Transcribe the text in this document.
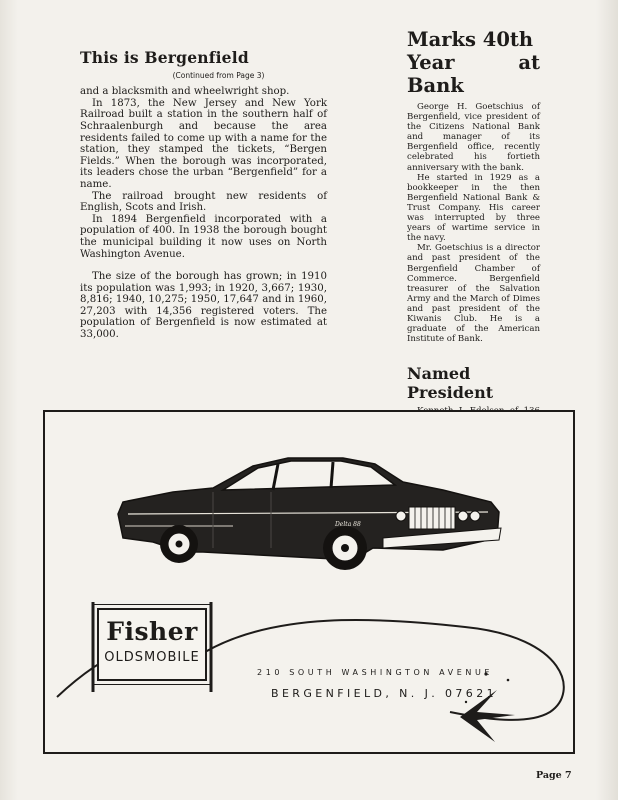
This is Bergenfield
(Continued from Page 3)

and a blacksmith and wheelwright shop.

In 1873, the New Jersey and New York Railroad built a station in the southern half of Schraalenburgh and because the area residents failed to come up with a name for the station, they stamped the tickets, “Bergen Fields.” When the borough was incorporated, its leaders chose the urban “Bergenfield” for a name.

The railroad brought new residents of English, Scots and Irish.

In 1894 Bergenfield incorporated with a population of 400. In 1938 the borough bought the municipal building it now uses on North Washington Avenue.

The size of the borough has grown; in 1910 its population was 1,993; in 1920, 3,667; 1930, 8,816; 1940, 10,275; 1950, 17,647 and in 1960, 27,203 with 14,356 registered voters. The population of Bergenfield is now estimated at 33,000.

Marks 40th
Year at Bank

George H. Goetschius of Bergenfield, vice president of the Citizens National Bank and manager of its Bergenfield office, recently celebrated his fortieth anniversary with the bank.

He started in 1929 as a bookkeeper in the then Bergenfield National Bank & Trust Company. His career was interrupted by three years of wartime service in the navy.

Mr. Goetschius is a director and past president of the Bergenfield Chamber of Commerce. Bergenfield treasurer of the Salvation Army and the March of Dimes and past president of the Kiwanis Club. He is a graduate of the American Institute of Bank.

Named President

Delta 88
Fisher
OLDSMOBILE
210 SOUTH WASHINGTON AVENUE
BERGENFIELD, N. J. 07621
Page 7
